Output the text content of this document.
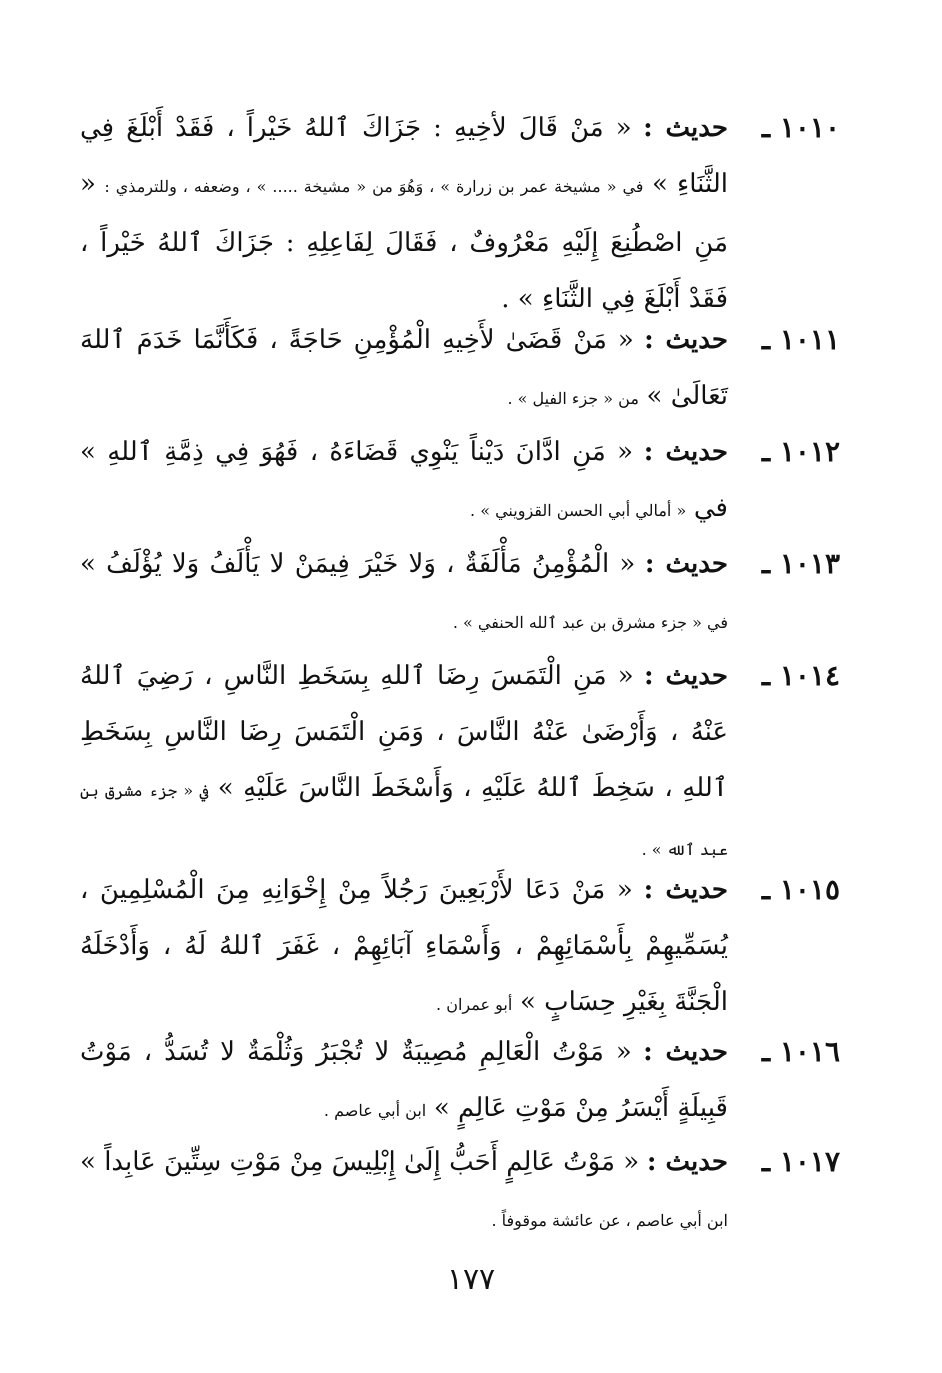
١٠١٠ ـ
حديث : « مَنْ قَالَ لأخِيهِ : جَزَاكَ ٱللهُ خَيْراً ، فَقَدْ أَبْلَغَ فِي الثَّنَاءِ » في « مشيخة عمر بن زرارة » ، وَهُوَ من « مشيخة ..... » ، وضعفه ، وللترمذي : « مَنِ اصْطُنِعَ إِلَيْهِ مَعْرُوفٌ ، فَقَالَ لِفَاعِلِهِ : جَزَاكَ ٱللهُ خَيْراً ، فَقَدْ أَبْلَغَ فِي الثَّنَاءِ » .
١٠١١ ـ
حديث : « مَنْ قَضَىٰ لأَخِيهِ الْمُؤْمِنِ حَاجَةً ، فَكَأَنَّمَا خَدَمَ ٱللهَ تَعَالَىٰ » من « جزء الفيل » .
١٠١٢ ـ
حديث : « مَنِ ادَّانَ دَيْناً يَنْوِي قَضَاءَهُ ، فَهُوَ فِي ذِمَّةِ ٱللهِ » في « أمالي أبي الحسن القزويني » .
١٠١٣ ـ
حديث : « الْمُؤْمِنُ مَأْلَفَةٌ ، وَلا خَيْرَ فِيمَنْ لا يَأْلَفُ وَلا يُؤْلَفُ » في « جزء مشرق بن عبد ٱلله الحنفي » .
١٠١٤ ـ
حديث : « مَنِ الْتَمَسَ رِضَا ٱللهِ بِسَخَطِ النَّاسِ ، رَضِيَ ٱللهُ عَنْهُ ، وَأَرْضَىٰ عَنْهُ النَّاسَ ، وَمَنِ الْتَمَسَ رِضَا النَّاسِ بِسَخَطِ ٱللهِ ، سَخِطَ ٱللهُ عَلَيْهِ ، وَأَسْخَطَ النَّاسَ عَلَيْهِ » في « جزء مشرق بن عبد ٱلله » .
١٠١٥ ـ
حديث : « مَنْ دَعَا لأَرْبَعِينَ رَجُلاً مِنْ إِخْوَانِهِ مِنَ الْمُسْلِمِينَ ، يُسَمِّيهِمْ بِأَسْمَائِهِمْ ، وَأَسْمَاءِ آبَائِهِمْ ، غَفَرَ ٱللهُ لَهُ ، وَأَدْخَلَهُ الْجَنَّةَ بِغَيْرِ حِسَابٍ » أبو عمران .
١٠١٦ ـ
حديث : « مَوْتُ الْعَالِمِ مُصِيبَةٌ لا تُجْبَرُ وَثُلْمَةٌ لا تُسَدُّ ، مَوْتُ قَبِيلَةٍ أَيْسَرُ مِنْ مَوْتِ عَالِمٍ » ابن أبي عاصم .
١٠١٧ ـ
حديث : « مَوْتُ عَالِمٍ أَحَبُّ إِلَىٰ إِبْلِيسَ مِنْ مَوْتِ سِتِّينَ عَابِداً » ابن أبي عاصم ، عن عائشة موقوفاً .
١٧٧
